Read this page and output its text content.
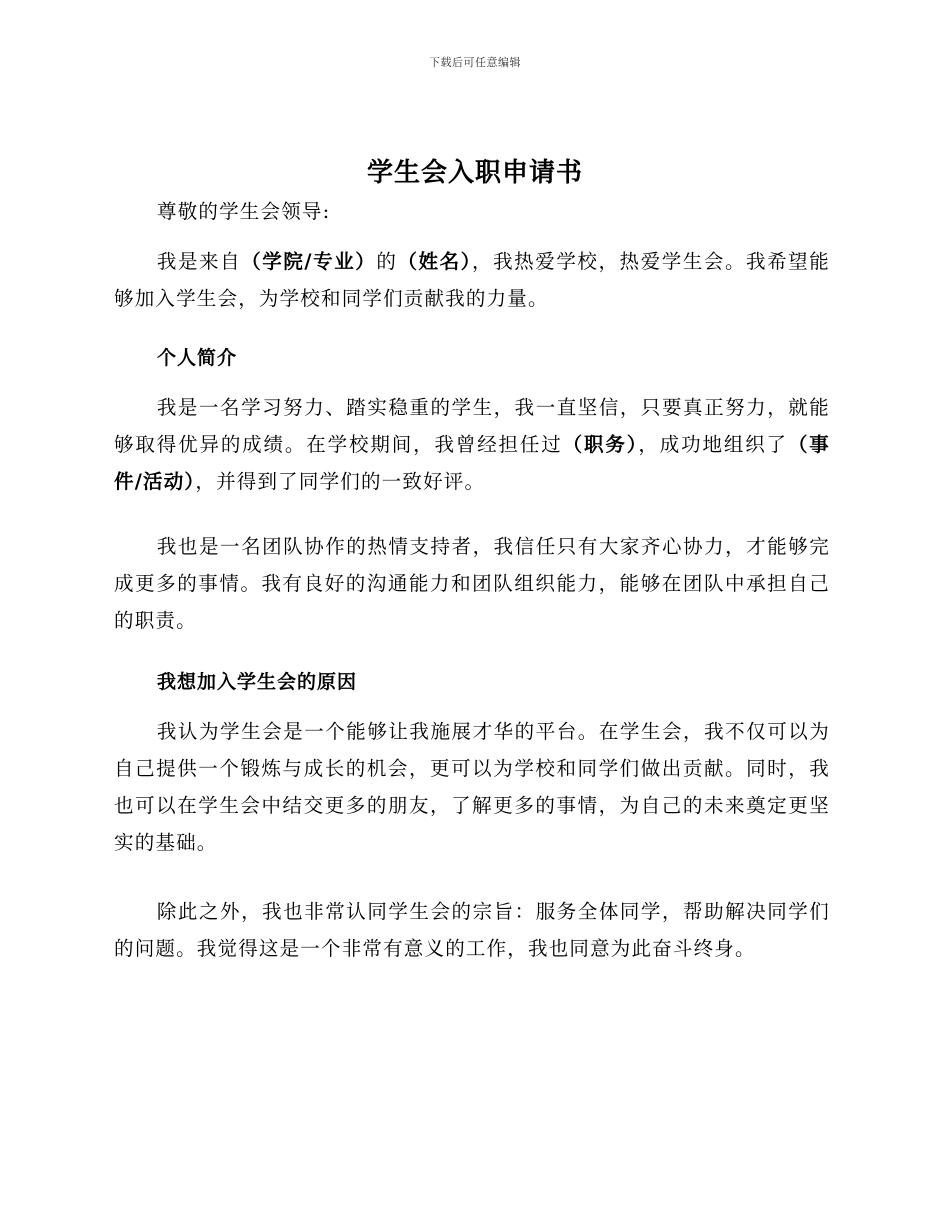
下载后可任意编辑
学生会入职申请书
尊敬的学生会领导:

我是来自（学院/专业）的（姓名），我热爱学校，热爱学生会。我希望能够加入学生会，为学校和同学们贡献我的力量。

个人简介

我是一名学习努力、踏实稳重的学生，我一直坚信，只要真正努力，就能够取得优异的成绩。在学校期间，我曾经担任过（职务），成功地组织了（事件/活动），并得到了同学们的一致好评。

我也是一名团队协作的热情支持者，我信任只有大家齐心协力，才能够完成更多的事情。我有良好的沟通能力和团队组织能力，能够在团队中承担自己的职责。

我想加入学生会的原因

我认为学生会是一个能够让我施展才华的平台。在学生会，我不仅可以为自己提供一个锻炼与成长的机会，更可以为学校和同学们做出贡献。同时，我也可以在学生会中结交更多的朋友，了解更多的事情，为自己的未来奠定更坚实的基础。

除此之外，我也非常认同学生会的宗旨：服务全体同学，帮助解决同学们的问题。我觉得这是一个非常有意义的工作，我也同意为此奋斗终身。
